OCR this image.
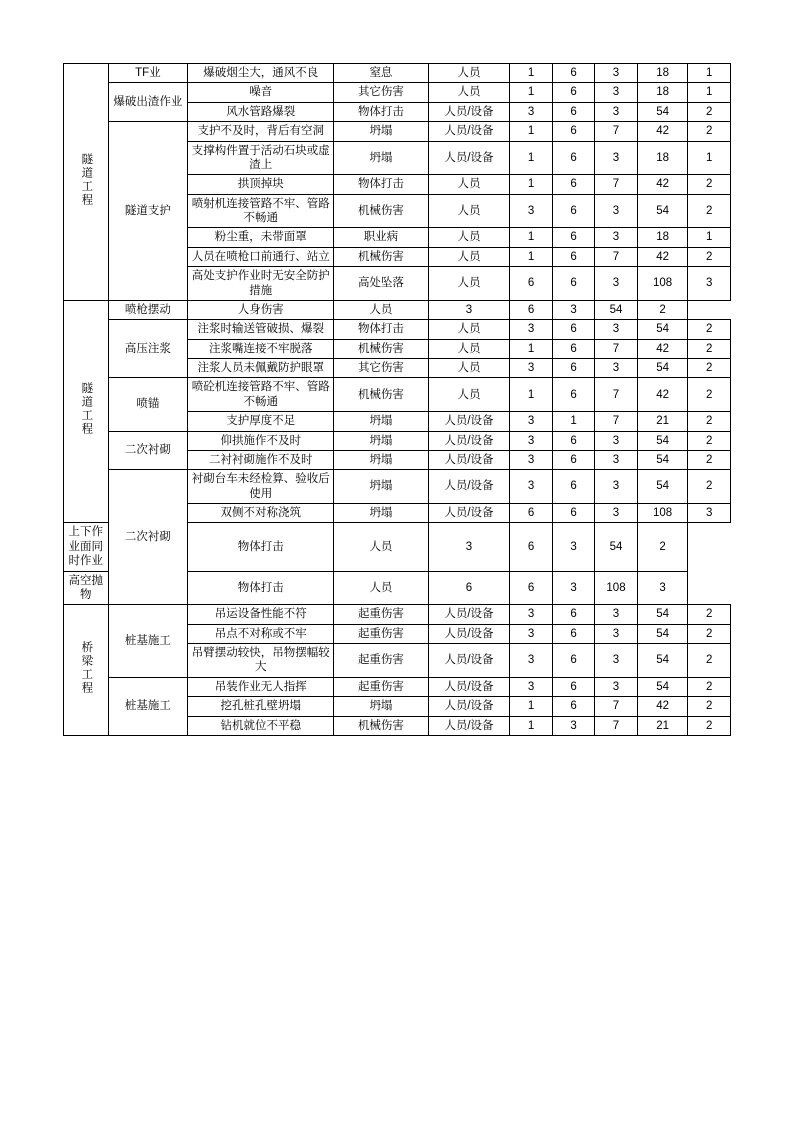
隧道工程	TF业	爆破烟尘大，通风不良	窒息	人员	1	6	3	18	1
	爆破出渣作业	噪音	其它伤害	人员	1	6	3	18	1
		风水管路爆裂	物体打击	人员/设备	3	6	3	54	2
	隧道支护	支护不及时，背后有空洞	坍塌	人员/设备	1	6	7	42	2
		支撑构件置于活动石块或虚渣上	坍塌	人员/设备	1	6	3	18	1
		拱顶掉块	物体打击	人员	1	6	7	42	2
		喷射机连接管路不牢、管路不畅通	机械伤害	人员	3	6	3	54	2
		粉尘重，未带面罩	职业病	人员	1	6	3	18	1
		人员在喷枪口前通行、站立	机械伤害	人员	1	6	7	42	2
		高处支护作业时无安全防护措施	高处坠落	人员	6	6	3	108	3
隧道工程	喷枪摆动	人身伤害	人员	3	6	3	54	2	
	高压注浆	注浆时输送管破损、爆裂	物体打击	人员	3	6	3	54	2
		注浆嘴连接不牢脱落	机械伤害	人员	1	6	7	42	2
		注浆人员未佩戴防护眼罩	其它伤害	人员	3	6	3	54	2
	喷锚	喷砼机连接管路不牢、管路不畅通	机械伤害	人员	1	6	7	42	2
		支护厚度不足	坍塌	人员/设备	3	1	7	21	2
	二次衬砌	仰拱施作不及时	坍塌	人员/设备	3	6	3	54	2
		二衬衬砌施作不及时	坍塌	人员/设备	3	6	3	54	2
	二次衬砌	衬砌台车未经检算、验收后使用	坍塌	人员/设备	3	6	3	54	2
		双侧不对称浇筑	坍塌	人员/设备	6	6	3	108	3
上下作业面同时作业		物体打击	人员	3	6	3	54	2	
高空抛物		物体打击	人员	6	6	3	108	3	
桥梁工程	桩基施工	吊运设备性能不符	起重伤害	人员/设备	3	6	3	54	2
		吊点不对称或不牢	起重伤害	人员/设备	3	6	3	54	2
		吊臂摆动较快，吊物摆幅较大	起重伤害	人员/设备	3	6	3	54	2
	桩基施工	吊装作业无人指挥	起重伤害	人员/设备	3	6	3	54	2
		挖孔桩孔壁坍塌	坍塌	人员/设备	1	6	7	42	2
		钻机就位不平稳	机械伤害	人员/设备	1	3	7	21	2
